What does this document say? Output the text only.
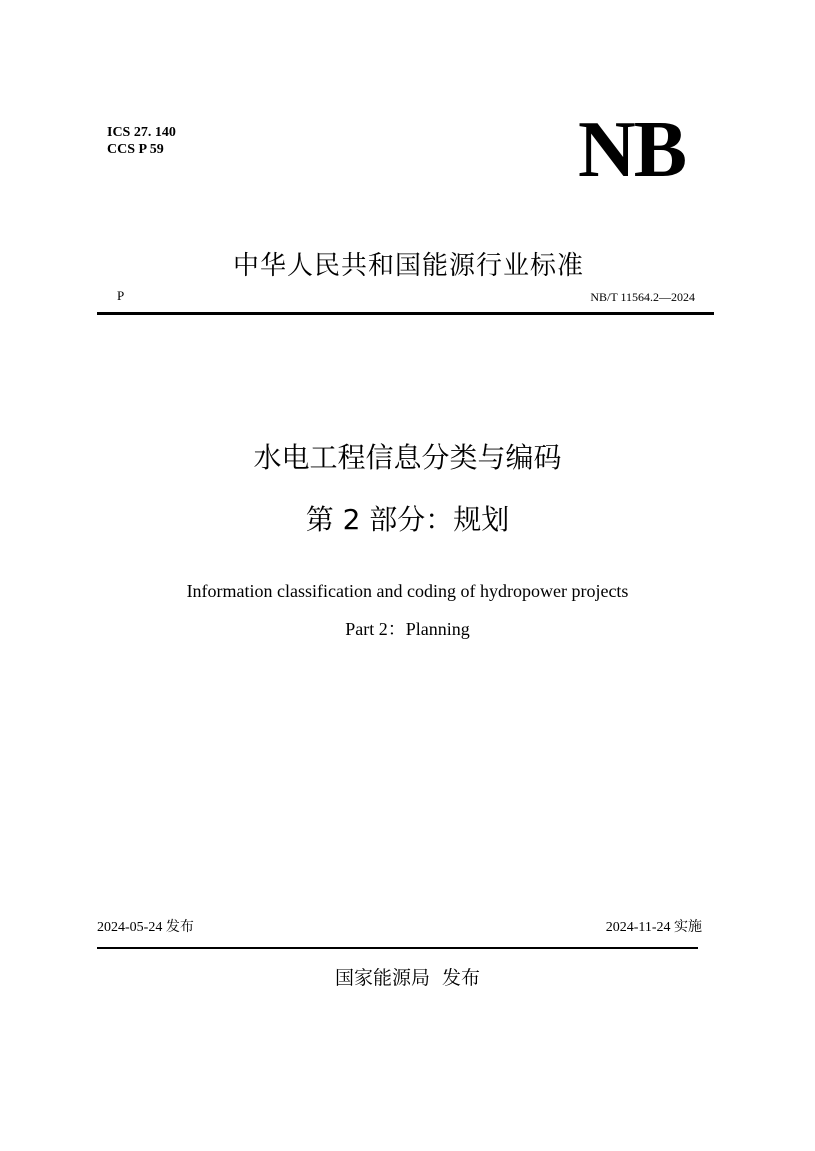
ICS 27. 140
CCS P 59	NB
中华人民共和国能源行业标准
P	NB/T 11564.2—2024
水电工程信息分类与编码
第 2 部分：规划
Information classification and coding of hydropower projects
Part 2：Planning
2024-05-24 发布	2024-11-24 实施
国家能源局  发布
